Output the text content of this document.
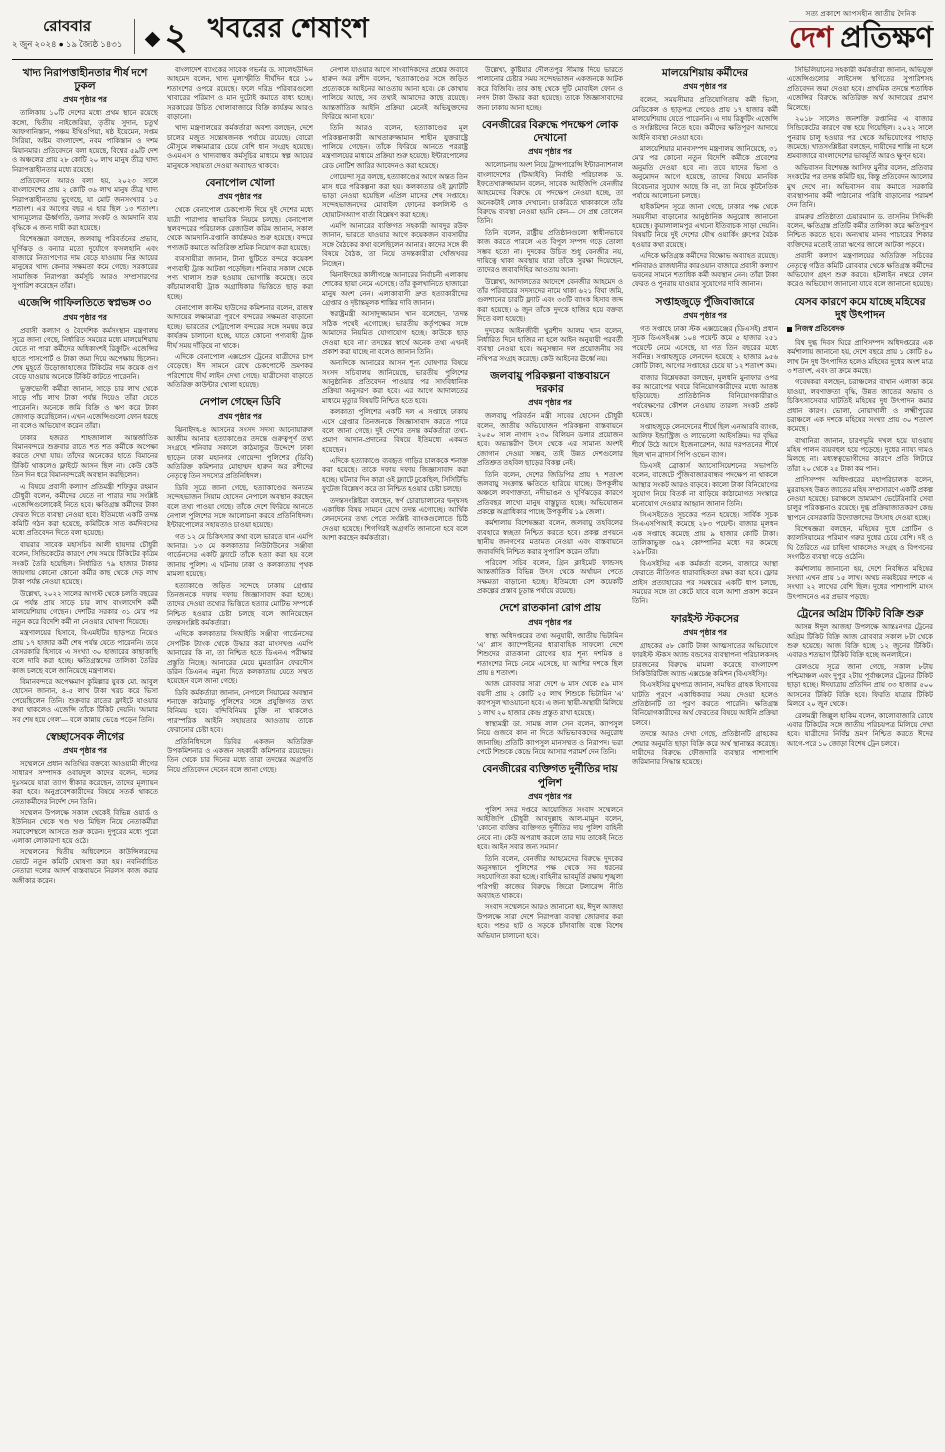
রোববার
২ জুন ২০২৪ ● ১৯ জ্যৈষ্ঠ ১৪৩১ ২ খবরের শেষাংশ	সত্য প্রকাশে আপসহীন জাতীয় দৈনিক
দেশ প্রতিক্ষণ
খাদ্য নিরাপত্তাহীনতার শীর্ষ দশে ঢুকল
প্রথম পৃষ্ঠার পর

তালিকায় ১০টি দেশের মধ্যে প্রথম স্থানে রয়েছে কঙ্গো, দ্বিতীয় নাইজেরিয়া, তৃতীয় সুদান, চতুর্থ আফগানিস্তান, পঞ্চম ইথিওপিয়া, ষষ্ঠ ইয়েমেন, সপ্তম সিরিয়া, অষ্টম বাংলাদেশ, নবম পাকিস্তান ও দশম মিয়ানমার। প্রতিবেদনে বলা হয়েছে, বিশ্বের ৫৯টি দেশ ও অঞ্চলের প্রায় ২৮ কোটি ২০ লাখ মানুষ তীব্র খাদ্য নিরাপত্তাহীনতার মধ্যে রয়েছে।

প্রতিবেদনে আরও বলা হয়, ২০২৩ সালে বাংলাদেশের প্রায় ২ কোটি ৩৬ লাখ মানুষ তীব্র খাদ্য নিরাপত্তাহীনতায় ভুগেছে, যা মোট জনসংখ্যার ১৫ শতাংশ। এর আগের বছর এ হার ছিল ১৩ শতাংশ। খাদ্যমূল্যের ঊর্ধ্বগতি, ডলার সংকট ও আমদানি ব্যয় বৃদ্ধিকে এ জন্য দায়ী করা হয়েছে।

বিশেষজ্ঞরা বলছেন, জলবায়ু পরিবর্তনের প্রভাব, ঘূর্ণিঝড় ও বন্যার মতো দুর্যোগে ফসলহানি এবং বাজারে নিত্যপণ্যের দাম বেড়ে যাওয়ায় নিম্ন আয়ের মানুষের খাদ্য কেনার সক্ষমতা কমে গেছে। সরকারের সামাজিক নিরাপত্তা কর্মসূচি আরও সম্প্রসারণের সুপারিশ করেছেন তাঁরা।

এজেন্সি গাফিলতিতে স্বপ্নভঙ্গ ৩০
প্রথম পৃষ্ঠার পর

প্রবাসী কল্যাণ ও বৈদেশিক কর্মসংস্থান মন্ত্রণালয় সূত্রে জানা গেছে, নির্ধারিত সময়ের মধ্যে মালয়েশিয়ায় যেতে না পারা কর্মীদের অধিকাংশই রিক্রুটিং এজেন্সির হাতে পাসপোর্ট ও টাকা জমা দিয়ে অপেক্ষায় ছিলেন। শেষ মুহূর্তে উড়োজাহাজের টিকিটের দাম কয়েক গুণ বেড়ে যাওয়ায় অনেকে টিকিট কাটতে পারেননি।

ভুক্তভোগী কর্মীরা জানান, সাড়ে চার লাখ থেকে সাড়ে পাঁচ লাখ টাকা পর্যন্ত দিয়েও তাঁরা যেতে পারেননি। অনেকে জমি বিক্রি ও ঋণ করে টাকা জোগাড় করেছিলেন। এখন এজেন্সিগুলো ফোন ধরছে না বলেও অভিযোগ করেন তাঁরা।

ঢাকার হজরত শাহজালাল আন্তর্জাতিক বিমানবন্দরে শুক্রবার রাতে শত শত কর্মীকে অপেক্ষা করতে দেখা যায়। তাঁদের অনেকের হাতে বিমানের টিকিট থাকলেও ফ্লাইটে আসন ছিল না। কেউ কেউ তিন দিন ধরে বিমানবন্দরেই অবস্থান করছিলেন।

এ বিষয়ে প্রবাসী কল্যাণ প্রতিমন্ত্রী শফিকুর রহমান চৌধুরী বলেন, কর্মীদের যেতে না পারার দায় সংশ্লিষ্ট এজেন্সিগুলোকেই নিতে হবে। ক্ষতিগ্রস্ত কর্মীদের টাকা ফেরত দিতে ব্যবস্থা নেওয়া হবে। ইতিমধ্যে একটি তদন্ত কমিটি গঠন করা হয়েছে, কমিটিকে সাত কর্মদিবসের মধ্যে প্রতিবেদন দিতে বলা হয়েছে।

বায়রার সাবেক মহাসচিব আলী হায়দার চৌধুরী বলেন, সিন্ডিকেটের কারণে শেষ সময়ে টিকিটের কৃত্রিম সংকট তৈরি হয়েছিল। নির্ধারিত ৭৯ হাজার টাকার জায়গায় কোনো কোনো কর্মীর কাছ থেকে দেড় লাখ টাকা পর্যন্ত নেওয়া হয়েছে।

উল্লেখ্য, ২০২২ সালের আগস্ট থেকে চলতি বছরের মে পর্যন্ত প্রায় সাড়ে চার লাখ বাংলাদেশি কর্মী মালয়েশিয়ায় গেছেন। দেশটির সরকার ৩১ মে'র পর নতুন করে বিদেশি কর্মী না নেওয়ার ঘোষণা দিয়েছে।

মন্ত্রণালয়ের হিসাবে, বিএমইটির ছাড়পত্র নিয়েও প্রায় ১৭ হাজার কর্মী শেষ পর্যন্ত যেতে পারেননি। তবে বেসরকারি হিসাবে এ সংখ্যা ৩০ হাজারের কাছাকাছি বলে দাবি করা হচ্ছে। ক্ষতিগ্রস্তদের তালিকা তৈরির কাজ চলছে বলে জানিয়েছে মন্ত্রণালয়।

বিমানবন্দরে অপেক্ষমাণ কুমিল্লার যুবক মো. আবুল হোসেন জানান, ৪-৫ লাখ টাকা খরচ করে ভিসা পেয়েছিলেন তিনি। শুক্রবার রাতের ফ্লাইটে যাওয়ার কথা থাকলেও এজেন্সি তাঁকে টিকিট দেয়নি। 'আমার সব শেষ হয়ে গেল'— বলে কান্নায় ভেঙে পড়েন তিনি।

স্বেচ্ছাসেবক লীগের
প্রথম পৃষ্ঠার পর

সম্মেলনে প্রধান অতিথির বক্তব্যে আওয়ামী লীগের সাধারণ সম্পাদক ওবায়দুল কাদের বলেন, দলের দুঃসময়ে যারা ত্যাগ স্বীকার করেছেন, তাদের মূল্যায়ন করা হবে। অনুপ্রবেশকারীদের বিষয়ে সতর্ক থাকতে নেতাকর্মীদের নির্দেশ দেন তিনি।

সম্মেলন উপলক্ষে সকাল থেকেই বিভিন্ন ওয়ার্ড ও ইউনিয়ন থেকে খণ্ড খণ্ড মিছিল নিয়ে নেতাকর্মীরা সমাবেশস্থলে আসতে শুরু করেন। দুপুরের মধ্যে পুরো এলাকা লোকারণ্য হয়ে ওঠে।

সম্মেলনের দ্বিতীয় অধিবেশনে কাউন্সিলরদের ভোটে নতুন কমিটি ঘোষণা করা হয়। নবনির্বাচিত নেতারা দলের আদর্শ বাস্তবায়নে নিরলস কাজ করার অঙ্গীকার করেন।

বাংলাদেশ ব্যাংকের সাবেক গভর্নর ড. সালেহউদ্দিন আহমেদ বলেন, খাদ্য মূল্যস্ফীতি দীর্ঘদিন ধরে ১০ শতাংশের ওপরে রয়েছে। ফলে দরিদ্র পরিবারগুলো খাবারের পরিমাণ ও মান দুটোই কমাতে বাধ্য হচ্ছে। সরকারের উচিত খোলাবাজারে বিক্রি কার্যক্রম আরও বাড়ানো।

খাদ্য মন্ত্রণালয়ের কর্মকর্তারা অবশ্য বলছেন, দেশে চালের মজুত সন্তোষজনক পর্যায়ে রয়েছে। বোরো মৌসুমে লক্ষ্যমাত্রার চেয়ে বেশি ধান সংগ্রহ হয়েছে। ওএমএস ও খাদ্যবান্ধব কর্মসূচির মাধ্যমে স্বল্প আয়ের মানুষকে সহায়তা দেওয়া অব্যাহত থাকবে।

বেনাপোল খোলা
প্রথম পৃষ্ঠার পর

থেকে বেনাপোল চেকপোস্ট দিয়ে দুই দেশের মধ্যে যাত্রী পারাপার স্বাভাবিক নিয়মে চলছে। বেনাপোল স্থলবন্দরের পরিচালক রেজাউল করিম জানান, সকাল থেকে আমদানি-রপ্তানি কার্যক্রমও শুরু হয়েছে। বন্দরে পণ্যজট কমাতে অতিরিক্ত শ্রমিক নিয়োগ করা হয়েছে।

ব্যবসায়ীরা জানান, টানা ছুটিতে বন্দরে কয়েকশ পণ্যবাহী ট্রাক আটকা পড়েছিল। শনিবার সকাল থেকে পণ্য খালাস শুরু হওয়ায় ভোগান্তি কমেছে। তবে কাঁচামালবাহী ট্রাক অগ্রাধিকার ভিত্তিতে ছাড় করা হচ্ছে।

বেনাপোল কাস্টম হাউসের কমিশনার বলেন, রাজস্ব আদায়ের লক্ষ্যমাত্রা পূরণে বন্দরের সক্ষমতা বাড়ানো হচ্ছে। ভারতের পেট্রাপোল বন্দরের সঙ্গে সমন্বয় করে কার্যক্রম চালানো হচ্ছে, যাতে কোনো পণ্যবাহী ট্রাক দীর্ঘ সময় দাঁড়িয়ে না থাকে।

এদিকে বেনাপোল এক্সপ্রেস ট্রেনের যাত্রীদের চাপ বেড়েছে। ঈদ সামনে রেখে চেকপোস্টে ভ্রমণকর পরিশোধে দীর্ঘ লাইন দেখা গেছে। যাত্রীসেবা বাড়াতে অতিরিক্ত কাউন্টার খোলা হয়েছে।

নেপাল গেছেন ডিবি
প্রথম পৃষ্ঠার পর

ঝিনাইদহ-৪ আসনের সংসদ সদস্য আনোয়ারুল আজীম আনার হত্যাকাণ্ডের তদন্তে গুরুত্বপূর্ণ তথ্য সংগ্রহে শনিবার সকালে কাঠমান্ডুর উদ্দেশে ঢাকা ছাড়েন ঢাকা মহানগর গোয়েন্দা পুলিশের (ডিবি) অতিরিক্ত কমিশনার মোহাম্মদ হারুন অর রশীদের নেতৃত্বে তিন সদস্যের প্রতিনিধিদল।

ডিবি সূত্রে জানা গেছে, হত্যাকাণ্ডের অন্যতম সন্দেহভাজন সিয়াম হোসেন নেপালে অবস্থান করছেন বলে তথ্য পাওয়া গেছে। তাঁকে দেশে ফিরিয়ে আনতে নেপাল পুলিশের সঙ্গে আলোচনা করবে প্রতিনিধিদল। ইন্টারপোলের সহায়তাও চাওয়া হয়েছে।

গত ১২ মে চিকিৎসার কথা বলে ভারতে যান এমপি আনার। ১৩ মে কলকাতার নিউটাউনের সঞ্জীবা গার্ডেনসের একটি ফ্ল্যাটে তাঁকে হত্যা করা হয় বলে জানায় পুলিশ। এ ঘটনায় ঢাকা ও কলকাতায় পৃথক মামলা হয়েছে।

হত্যাকাণ্ডে জড়িত সন্দেহে ঢাকায় গ্রেপ্তার তিনজনকে দফায় দফায় জিজ্ঞাসাবাদ করা হচ্ছে। তাদের দেওয়া তথ্যের ভিত্তিতে হত্যার মোটিভ সম্পর্কে নিশ্চিত হওয়ার চেষ্টা চলছে বলে জানিয়েছেন তদন্তসংশ্লিষ্ট কর্মকর্তারা।

এদিকে কলকাতার সিআইডি সঞ্জীবা গার্ডেনসের সেপটিক ট্যাংক থেকে উদ্ধার করা মাংসখণ্ড এমপি আনারের কি না, তা নিশ্চিত হতে ডিএনএ পরীক্ষার প্রস্তুতি নিচ্ছে। আনারের মেয়ে মুমতারিন ফেরদৌস ডরিন ডিএনএ নমুনা দিতে কলকাতায় যেতে সম্মত হয়েছেন বলে জানা গেছে।

ডিবি কর্মকর্তারা জানান, নেপালে সিয়ামের অবস্থান শনাক্তে কাঠমান্ডু পুলিশের সঙ্গে প্রযুক্তিগত তথ্য বিনিময় হবে। বন্দিবিনিময় চুক্তি না থাকলেও পারস্পরিক আইনি সহায়তার আওতায় তাকে ফেরানোর চেষ্টা হবে।

প্রতিনিধিদলে ডিবির একজন অতিরিক্ত উপকমিশনার ও একজন সহকারী কমিশনার রয়েছেন। তিন থেকে চার দিনের মধ্যে তারা তদন্তের অগ্রগতি নিয়ে প্রতিবেদন দেবেন বলে জানা গেছে।

নেপাল যাওয়ার আগে সাংবাদিকদের প্রশ্নের জবাবে হারুন অর রশীদ বলেন, 'হত্যাকাণ্ডের সঙ্গে জড়িত প্রত্যেককে আইনের আওতায় আনা হবে। কে কোথায় পালিয়ে আছে, সব তথ্যই আমাদের কাছে রয়েছে। আন্তর্জাতিক আইনি প্রক্রিয়া মেনেই অভিযুক্তদের ফিরিয়ে আনা হবে।'

তিনি আরও বলেন, হত্যাকাণ্ডের মূল পরিকল্পনাকারী আখতারুজ্জামান শাহীন যুক্তরাষ্ট্রে পালিয়ে গেছেন। তাঁকে ফিরিয়ে আনতে পররাষ্ট্র মন্ত্রণালয়ের মাধ্যমে প্রক্রিয়া শুরু হয়েছে। ইন্টারপোলের রেড নোটিশ জারির আবেদনও করা হয়েছে।

গোয়েন্দা সূত্র বলছে, হত্যাকাণ্ডের আগে অন্তত তিন মাস ধরে পরিকল্পনা করা হয়। কলকাতার ওই ফ্ল্যাটটি ভাড়া নেওয়া হয়েছিল এপ্রিল মাসের শেষ সপ্তাহে। সন্দেহভাজনদের মোবাইল ফোনের কললিস্ট ও হোয়াটসঅ্যাপ বার্তা বিশ্লেষণ করা হচ্ছে।

এমপি আনারের ব্যক্তিগত সহকারী আবদুর রউফ জানান, ভারতে যাওয়ার আগে কয়েকজন ব্যবসায়ীর সঙ্গে বৈঠকের কথা বলেছিলেন আনার। কাদের সঙ্গে কী বিষয়ে বৈঠক, তা নিয়ে তদন্তকারীরা খোঁজখবর নিচ্ছেন।

ঝিনাইদহের কালীগঞ্জে আনারের নির্বাচনী এলাকায় শোকের ছায়া নেমে এসেছে। তাঁর কুলখানিতে হাজারো মানুষ অংশ নেন। এলাকাবাসী দ্রুত হত্যাকারীদের গ্রেপ্তার ও দৃষ্টান্তমূলক শাস্তির দাবি জানান।

স্বরাষ্ট্রমন্ত্রী আসাদুজ্জামান খান বলেছেন, 'তদন্ত সঠিক পথেই এগোচ্ছে। ভারতীয় কর্তৃপক্ষের সঙ্গে আমাদের নিয়মিত যোগাযোগ হচ্ছে। কাউকে ছাড় দেওয়া হবে না।' তদন্তের স্বার্থে অনেক তথ্য এখনই প্রকাশ করা যাচ্ছে না বলেও জানান তিনি।

অন্যদিকে আনারের আসন শূন্য ঘোষণার বিষয়ে সংসদ সচিবালয় জানিয়েছে, ভারতীয় পুলিশের আনুষ্ঠানিক প্রতিবেদন পাওয়ার পর সাংবিধানিক প্রক্রিয়া অনুসরণ করা হবে। এর আগে আদালতের মাধ্যমে মৃত্যুর বিষয়টি নিশ্চিত হতে হবে।

কলকাতা পুলিশের একটি দল এ সপ্তাহে ঢাকায় এসে গ্রেপ্তার তিনজনকে জিজ্ঞাসাবাদ করতে পারে বলে জানা গেছে। দুই দেশের তদন্ত কর্মকর্তারা তথ্য-প্রমাণ আদান-প্রদানের বিষয়ে ইতিমধ্যে একমত হয়েছেন।

এদিকে হত্যাকাণ্ডে ব্যবহৃত গাড়ির চালককে শনাক্ত করা হয়েছে। তাকে দফায় দফায় জিজ্ঞাসাবাদ করা হচ্ছে। ঘটনার দিন কারা ওই ফ্ল্যাটে ঢুকেছিল, সিসিটিভি ফুটেজ বিশ্লেষণ করে তা নিশ্চিত হওয়ার চেষ্টা চলছে।

তদন্তসংশ্লিষ্টরা বলছেন, স্বর্ণ চোরাচালানের দ্বন্দ্বসহ একাধিক বিষয় সামনে রেখে তদন্ত এগোচ্ছে। আর্থিক লেনদেনের তথ্য পেতে সংশ্লিষ্ট ব্যাংকগুলোতে চিঠি দেওয়া হয়েছে। শিগগিরই অগ্রগতি জানানো হবে বলে আশা করছেন কর্মকর্তারা।

উল্লেখ্য, কুষ্টিয়ার দৌলতপুর সীমান্ত দিয়ে ভারতে পালানোর চেষ্টার সময় সন্দেহভাজন একজনকে আটক করে বিজিবি। তার কাছ থেকে দুটি মোবাইল ফোন ও নগদ টাকা উদ্ধার করা হয়েছে। তাকে জিজ্ঞাসাবাদের জন্য ঢাকায় আনা হচ্ছে।

বেনজীরের বিরুদ্ধে পদক্ষেপ লোক দেখানো
প্রথম পৃষ্ঠার পর

আলোচনায় অংশ নিয়ে ট্রান্সপারেন্সি ইন্টারন্যাশনাল বাংলাদেশের (টিআইবি) নির্বাহী পরিচালক ড. ইফতেখারুজ্জামান বলেন, সাবেক আইজিপি বেনজীর আহমেদের বিরুদ্ধে যে পদক্ষেপ নেওয়া হচ্ছে, তা অনেকটাই লোক দেখানো। চাকরিতে থাকাকালে তাঁর বিরুদ্ধে ব্যবস্থা নেওয়া হয়নি কেন— সে প্রশ্ন তোলেন তিনি।

তিনি বলেন, রাষ্ট্রীয় প্রতিষ্ঠানগুলো স্বাধীনভাবে কাজ করতে পারলে এত বিপুল সম্পদ গড়ে তোলা সম্ভব হতো না। দুদকের উচিত শুধু বেনজীর নয়, দায়িত্বে থাকা অবস্থায় যারা তাঁকে সুরক্ষা দিয়েছেন, তাদেরও জবাবদিহির আওতায় আনা।

উল্লেখ্য, আদালতের আদেশে বেনজীর আহমেদ ও তাঁর পরিবারের সদস্যদের নামে থাকা ৬২১ বিঘা জমি, গুলশানের চারটি ফ্ল্যাট এবং ৩৩টি ব্যাংক হিসাব জব্দ করা হয়েছে। ৬ জুন তাঁকে দুদকে হাজির হয়ে বক্তব্য দিতে বলা হয়েছে।

দুদকের আইনজীবী খুরশীদ আলম খান বলেন, নির্ধারিত দিনে হাজির না হলে আইন অনুযায়ী পরবর্তী ব্যবস্থা নেওয়া হবে। অনুসন্ধান দল প্রয়োজনীয় সব নথিপত্র সংগ্রহ করেছে। কেউ আইনের ঊর্ধ্বে নয়।

জলবায়ু পরিকল্পনা বাস্তবায়নে দরকার
প্রথম পৃষ্ঠার পর

জলবায়ু পরিবর্তন মন্ত্রী সাবের হোসেন চৌধুরী বলেন, জাতীয় অভিযোজন পরিকল্পনা বাস্তবায়নে ২০৫০ সাল নাগাদ ২৩০ বিলিয়ন ডলার প্রয়োজন হবে। অভ্যন্তরীণ উৎস থেকে এর সামান্য অংশই জোগান দেওয়া সম্ভব, তাই উন্নত দেশগুলোর প্রতিশ্রুত তহবিল ছাড়ের বিকল্প নেই।

তিনি বলেন, দেশের জিডিপির প্রায় ৭ শতাংশ জলবায়ু সংক্রান্ত ক্ষতিতে হারিয়ে যাচ্ছে। উপকূলীয় অঞ্চলে লবণাক্ততা, নদীভাঙন ও ঘূর্ণিঝড়ের কারণে প্রতিবছর লাখো মানুষ বাস্তুচ্যুত হচ্ছে। অভিযোজন প্রকল্পে অগ্রাধিকার পাচ্ছে উপকূলীয় ১৯ জেলা।

কর্মশালায় বিশেষজ্ঞরা বলেন, জলবায়ু তহবিলের ব্যবহারে স্বচ্ছতা নিশ্চিত করতে হবে। প্রকল্প প্রণয়নে স্থানীয় জনগণের মতামত নেওয়া এবং বাস্তবায়নে জবাবদিহি নিশ্চিত করার সুপারিশ করেন তাঁরা।

পরিবেশ সচিব বলেন, গ্রিন ক্লাইমেট ফান্ডসহ আন্তর্জাতিক বিভিন্ন উৎস থেকে অর্থায়ন পেতে সক্ষমতা বাড়ানো হচ্ছে। ইতিমধ্যে বেশ কয়েকটি প্রকল্পের প্রস্তাব চূড়ান্ত পর্যায়ে রয়েছে।

দেশে রাতকানা রোগ প্রায়
প্রথম পৃষ্ঠার পর

স্বাস্থ্য অধিদপ্তরের তথ্য অনুযায়ী, জাতীয় ভিটামিন 'এ' প্লাস ক্যাম্পেইনের ধারাবাহিক সাফল্যে দেশে শিশুদের রাতকানা রোগের হার শূন্য দশমিক ৪ শতাংশের নিচে নেমে এসেছে, যা আশির দশকে ছিল প্রায় ৪ শতাংশ।

আজ রোববার সারা দেশে ৬ মাস থেকে ৫৯ মাস বয়সী প্রায় ২ কোটি ২৫ লাখ শিশুকে ভিটামিন 'এ' ক্যাপসুল খাওয়ানো হবে। এ জন্য স্থায়ী-অস্থায়ী মিলিয়ে ১ লাখ ২০ হাজার কেন্দ্র প্রস্তুত রাখা হয়েছে।

স্বাস্থ্যমন্ত্রী ডা. সামন্ত লাল সেন বলেন, ক্যাপসুল নিয়ে গুজবে কান না দিতে অভিভাবকদের অনুরোধ জানাচ্ছি। প্রতিটি ক্যাপসুল মানসম্মত ও নিরাপদ। ভরা পেটে শিশুকে কেন্দ্রে নিয়ে আসার পরামর্শ দেন তিনি।

বেনজীরের ব্যক্তিগত দুর্নীতির দায় পুলিশ
প্রথম পৃষ্ঠার পর

পুলিশ সদর দপ্তরে আয়োজিত সংবাদ সম্মেলনে আইজিপি চৌধুরী আবদুল্লাহ আল-মামুন বলেন, 'কোনো ব্যক্তির ব্যক্তিগত দুর্নীতির দায় পুলিশ বাহিনী নেবে না। কেউ অপরাধ করলে তার দায় তাকেই নিতে হবে। আইন সবার জন্য সমান।'

তিনি বলেন, বেনজীর আহমেদের বিরুদ্ধে দুদকের অনুসন্ধানে পুলিশের পক্ষ থেকে সব ধরনের সহযোগিতা করা হচ্ছে। বাহিনীর ভাবমূর্তি রক্ষায় শৃঙ্খলা পরিপন্থী কাজের বিরুদ্ধে জিরো টলারেন্স নীতি অব্যাহত থাকবে।

সংবাদ সম্মেলনে আরও জানানো হয়, ঈদুল আজহা উপলক্ষে সারা দেশে নিরাপত্তা ব্যবস্থা জোরদার করা হবে। পশুর হাট ও সড়কে চাঁদাবাজি বন্ধে বিশেষ অভিযান চালানো হবে।

মালয়েশিয়ায় কর্মীদের
প্রথম পৃষ্ঠার পর

বলেন, সময়সীমার প্রতিযোগিতায় কর্মী ভিসা, মেডিকেল ও ছাড়পত্র পেয়েও প্রায় ১৭ হাজার কর্মী মালয়েশিয়ায় যেতে পারেননি। এ দায় রিক্রুটিং এজেন্সি ও সংশ্লিষ্টদের নিতে হবে। কর্মীদের ক্ষতিপূরণ আদায়ে আইনি ব্যবস্থা নেওয়া হবে।

মালয়েশিয়ার মানবসম্পদ মন্ত্রণালয় জানিয়েছে, ৩১ মে'র পর কোনো নতুন বিদেশি কর্মীকে প্রবেশের অনুমতি দেওয়া হবে না। তবে যাদের ভিসা ও অনুমোদন আগে হয়েছে, তাদের বিষয়ে মানবিক বিবেচনার সুযোগ আছে কি না, তা নিয়ে কূটনৈতিক পর্যায়ে আলোচনা চলছে।

হাইকমিশন সূত্রে জানা গেছে, ঢাকার পক্ষ থেকে সময়সীমা বাড়ানোর আনুষ্ঠানিক অনুরোধ জানানো হয়েছে। কুয়ালালামপুর এখনো ইতিবাচক সাড়া দেয়নি। বিষয়টি নিয়ে দুই দেশের যৌথ ওয়ার্কিং গ্রুপের বৈঠক হওয়ার কথা রয়েছে।

এদিকে ক্ষতিগ্রস্ত কর্মীদের বিক্ষোভ অব্যাহত রয়েছে। শনিবারও রাজধানীর কারওয়ান বাজারে প্রবাসী কল্যাণ ভবনের সামনে শতাধিক কর্মী অবস্থান নেন। তাঁরা টাকা ফেরত ও পুনরায় যাওয়ার সুযোগের দাবি জানান।

সপ্তাহজুড়ে পুঁজিবাজারে
প্রথম পৃষ্ঠার পর

গত সপ্তাহে ঢাকা স্টক এক্সচেঞ্জের (ডিএসই) প্রধান সূচক ডিএসইএক্স ১০৪ পয়েন্ট কমে ৫ হাজার ২৫১ পয়েন্টে নেমে এসেছে, যা গত তিন বছরের মধ্যে সর্বনিম্ন। সপ্তাহজুড়ে লেনদেন হয়েছে ২ হাজার ৯৫৬ কোটি টাকা, আগের সপ্তাহের চেয়ে যা ১২ শতাংশ কম।

বাজার বিশ্লেষকরা বলছেন, মূলধনি মুনাফার ওপর কর আরোপের খবরে বিনিয়োগকারীদের মধ্যে আতঙ্ক ছড়িয়েছে। প্রাতিষ্ঠানিক বিনিয়োগকারীরাও পর্যবেক্ষণের কৌশল নেওয়ায় তারল্য সংকট প্রকট হয়েছে।

সপ্তাহজুড়ে লেনদেনের শীর্ষে ছিল এনআরবি ব্যাংক, আলিফ ইন্ডাস্ট্রিজ ও লাভেলো আইসক্রিম। দর বৃদ্ধির শীর্ষে উঠে আসে ইজেনারেশন, আর দরপতনের শীর্ষে ছিল খান ব্রাদার্স পিপি ওভেন ব্যাগ।

ডিএসই ব্রোকার্স অ্যাসোসিয়েশনের সভাপতি বলেন, বাজেটে পুঁজিবাজারবান্ধব পদক্ষেপ না থাকলে আস্থার সংকট আরও বাড়বে। কালো টাকা বিনিয়োগের সুযোগ নিয়ে বিতর্ক না বাড়িয়ে কাঠামোগত সংস্কারে মনোযোগ দেওয়ার আহ্বান জানান তিনি।

সিএসইতেও সূচকের পতন হয়েছে। সার্বিক সূচক সিএএসপিআই কমেছে ২৮৩ পয়েন্ট। বাজার মূলধন এক সপ্তাহে কমেছে প্রায় ৯ হাজার কোটি টাকা। তালিকাভুক্ত ৩৯২ কোম্পানির মধ্যে দর কমেছে ২৯৮টির।

বিএসইসির এক কর্মকর্তা বলেন, বাজারে আস্থা ফেরাতে নীতিগত ধারাবাহিকতা রক্ষা করা হবে। ফ্লোর প্রাইস প্রত্যাহারের পর সমন্বয়ের একটি ধাপ চলছে, সময়ের সঙ্গে তা কেটে যাবে বলে আশা প্রকাশ করেন তিনি।

ফারইস্ট স্টকসের
প্রথম পৃষ্ঠার পর

গ্রাহকের ৫৮ কোটি টাকা আত্মসাতের অভিযোগে ফারইস্ট স্টকস অ্যান্ড বন্ডসের ব্যবস্থাপনা পরিচালকসহ চারজনের বিরুদ্ধে মামলা করেছে বাংলাদেশ সিকিউরিটিজ অ্যান্ড এক্সচেঞ্জ কমিশন (বিএসইসি)।

বিএসইসির মুখপাত্র জানান, সমন্বিত গ্রাহক হিসাবের ঘাটতি পূরণে একাধিকবার সময় দেওয়া হলেও প্রতিষ্ঠানটি তা পূরণ করতে পারেনি। ক্ষতিগ্রস্ত বিনিয়োগকারীদের অর্থ ফেরতের বিষয়ে আইনি প্রক্রিয়া চলবে।

তদন্তে আরও দেখা গেছে, প্রতিষ্ঠানটি গ্রাহকের শেয়ার অনুমতি ছাড়া বিক্রি করে অর্থ স্থানান্তর করেছে। দায়ীদের বিরুদ্ধে ফৌজদারি ব্যবস্থার পাশাপাশি জরিমানার সিদ্ধান্ত হয়েছে।

সিভিলিয়ানের সহকারী কর্মকর্তারা জানান, অভিযুক্ত এজেন্সিগুলোর লাইসেন্স স্থগিতের সুপারিশসহ প্রতিবেদন জমা দেওয়া হবে। প্রাথমিক তদন্তে শতাধিক এজেন্সির বিরুদ্ধে অতিরিক্ত অর্থ আদায়ের প্রমাণ মিলেছে।

২০১৮ সালেও জনশক্তি রপ্তানির এ বাজার সিন্ডিকেটের কারণে বন্ধ হয়ে গিয়েছিল। ২০২২ সালে পুনরায় চালু হওয়ার পর থেকে অভিযোগের পাহাড় জমেছে। খাতসংশ্লিষ্টরা বলছেন, দায়ীদের শাস্তি না হলে শ্রমবাজারে বাংলাদেশের ভাবমূর্তি আরও ক্ষুণ্ন হবে।

অভিবাসন বিশেষজ্ঞ আসিফ মুনীর বলেন, প্রতিবার সংকটের পর তদন্ত কমিটি হয়, কিন্তু প্রতিবেদন আলোর মুখ দেখে না। অভিবাসন ব্যয় কমাতে সরকারি ব্যবস্থাপনায় কর্মী পাঠানোর পরিধি বাড়ানোর পরামর্শ দেন তিনি।

রামরুর প্রতিষ্ঠাতা চেয়ারম্যান ড. তাসনিম সিদ্দিকী বলেন, ক্ষতিগ্রস্ত প্রতিটি কর্মীর তালিকা করে ক্ষতিপূরণ নিশ্চিত করতে হবে। অন্যথায় মানব পাচারের শিকার ব্যক্তিদের মতোই তারা ঋণের জালে আটকা পড়বে।

প্রবাসী কল্যাণ মন্ত্রণালয়ের অতিরিক্ত সচিবের নেতৃত্বে গঠিত কমিটি রোববার থেকে ক্ষতিগ্রস্ত কর্মীদের অভিযোগ গ্রহণ শুরু করবে। হটলাইন নম্বরে ফোন করেও অভিযোগ জানানো যাবে বলে জানানো হয়েছে।

যেসব কারণে কমে যাচ্ছে মহিষের দুধ উৎপাদন
নিজস্ব প্রতিবেদক

বিশ্ব দুগ্ধ দিবস ঘিরে প্রাণিসম্পদ অধিদপ্তরের এক কর্মশালায় জানানো হয়, দেশে বছরে প্রায় ১ কোটি ৪০ লাখ টন দুধ উৎপাদিত হলেও মহিষের দুধের অংশ মাত্র ৩ শতাংশ, এবং তা ক্রমে কমছে।

গবেষকরা বলছেন, চরাঞ্চলের বাথান এলাকা কমে যাওয়া, লবণাক্ততা বৃদ্ধি, উন্নত জাতের অভাব ও চিকিৎসাসেবার ঘাটতিই মহিষের দুধ উৎপাদন কমার প্রধান কারণ। ভোলা, নোয়াখালী ও লক্ষ্মীপুরের চরাঞ্চলে এক দশকে মহিষের সংখ্যা প্রায় ৩০ শতাংশ কমেছে।

বাথানিরা জানান, চারণভূমি দখল হয়ে যাওয়ায় মহিষ পালন ব্যয়বহুল হয়ে পড়েছে। দুধের ন্যায্য দামও মিলছে না। মধ্যস্বত্বভোগীদের কারণে প্রতি লিটারে তাঁরা ২০ থেকে ২৫ টাকা কম পান।

প্রাণিসম্পদ অধিদপ্তরের মহাপরিচালক বলেন, মুররাহসহ উন্নত জাতের মহিষ সম্প্রসারণে একটি প্রকল্প নেওয়া হয়েছে। চরাঞ্চলে ভ্রাম্যমাণ ভেটেরিনারি সেবা চালুর পরিকল্পনাও রয়েছে। দুগ্ধ প্রক্রিয়াজাতকরণ কেন্দ্র স্থাপনে বেসরকারি উদ্যোক্তাদের উৎসাহ দেওয়া হচ্ছে।

বিশেষজ্ঞরা বলছেন, মহিষের দুধে প্রোটিন ও ক্যালসিয়ামের পরিমাণ গরুর দুধের চেয়ে বেশি। দই ও ঘি তৈরিতে এর চাহিদা থাকলেও সংগ্রহ ও বিপণনের সংগঠিত ব্যবস্থা গড়ে ওঠেনি।

কর্মশালায় জানানো হয়, দেশে নিবন্ধিত মহিষের সংখ্যা এখন প্রায় ১৫ লাখ। অথচ নব্বইয়ের দশকে এ সংখ্যা ২২ লাখের বেশি ছিল। দুধের পাশাপাশি মাংস উৎপাদনেও এর প্রভাব পড়ছে।

ট্রেনের অগ্রিম টিকিট বিক্রি শুরু

আসন্ন ঈদুল আজহা উপলক্ষে আন্তঃনগর ট্রেনের অগ্রিম টিকিট বিক্রি আজ রোববার সকাল ৮টা থেকে শুরু হয়েছে। আজ বিক্রি হচ্ছে ১২ জুনের টিকিট। এবারও শতভাগ টিকিট বিক্রি হচ্ছে অনলাইনে।

রেলওয়ে সূত্রে জানা গেছে, সকাল ৮টায় পশ্চিমাঞ্চল এবং দুপুর ২টায় পূর্বাঞ্চলের ট্রেনের টিকিট ছাড়া হচ্ছে। ঈদযাত্রায় প্রতিদিন প্রায় ৩৩ হাজার ৫০০ আসনের টিকিট বিক্রি হবে। ফিরতি যাত্রার টিকিট মিলবে ২০ জুন থেকে।

রেলমন্ত্রী জিল্লুল হাকিম বলেন, কালোবাজারি রোধে এবার টিকিটের সঙ্গে জাতীয় পরিচয়পত্র মিলিয়ে দেখা হবে। যাত্রীদের নির্বিঘ্ন ভ্রমণ নিশ্চিত করতে ঈদের আগে-পরে ১০ জোড়া বিশেষ ট্রেন চলবে।
